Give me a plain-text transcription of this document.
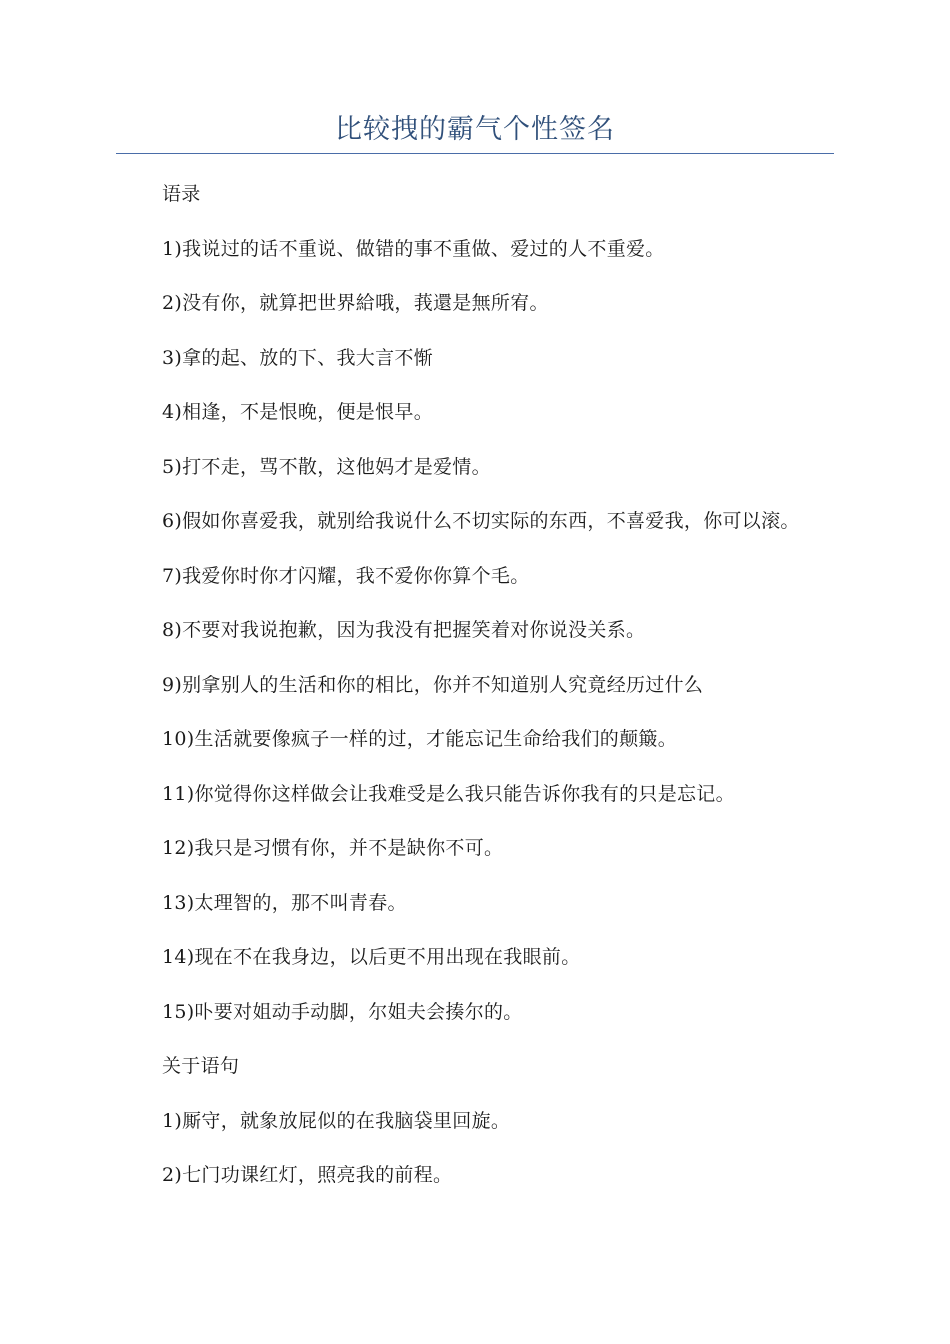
比较拽的霸气个性签名

语录

1)我说过的话不重说、做错的事不重做、爱过的人不重爱。

2)没有你，就算把世界給哦，莪還是無所宥。

3)拿的起、放的下、我大言不惭

4)相逢，不是恨晚，便是恨早。

5)打不走，骂不散，这他妈才是爱情。

6)假如你喜爱我，就别给我说什么不切实际的东西，不喜爱我，你可以滚。

7)我爱你时你才闪耀，我不爱你你算个毛。

8)不要对我说抱歉，因为我没有把握笑着对你说没关系。

9)别拿别人的生活和你的相比，你并不知道别人究竟经历过什么

10)生活就要像疯子一样的过，才能忘记生命给我们的颠簸。

11)你觉得你这样做会让我难受是么我只能告诉你我有的只是忘记。

12)我只是习惯有你，并不是缺你不可。

13)太理智的，那不叫青春。

14)现在不在我身边，以后更不用出现在我眼前。

15)卟要对姐动手动脚，尔姐夫会揍尔的。

关于语句

1)厮守，就象放屁似的在我脑袋里回旋。

2)七门功课红灯，照亮我的前程。
